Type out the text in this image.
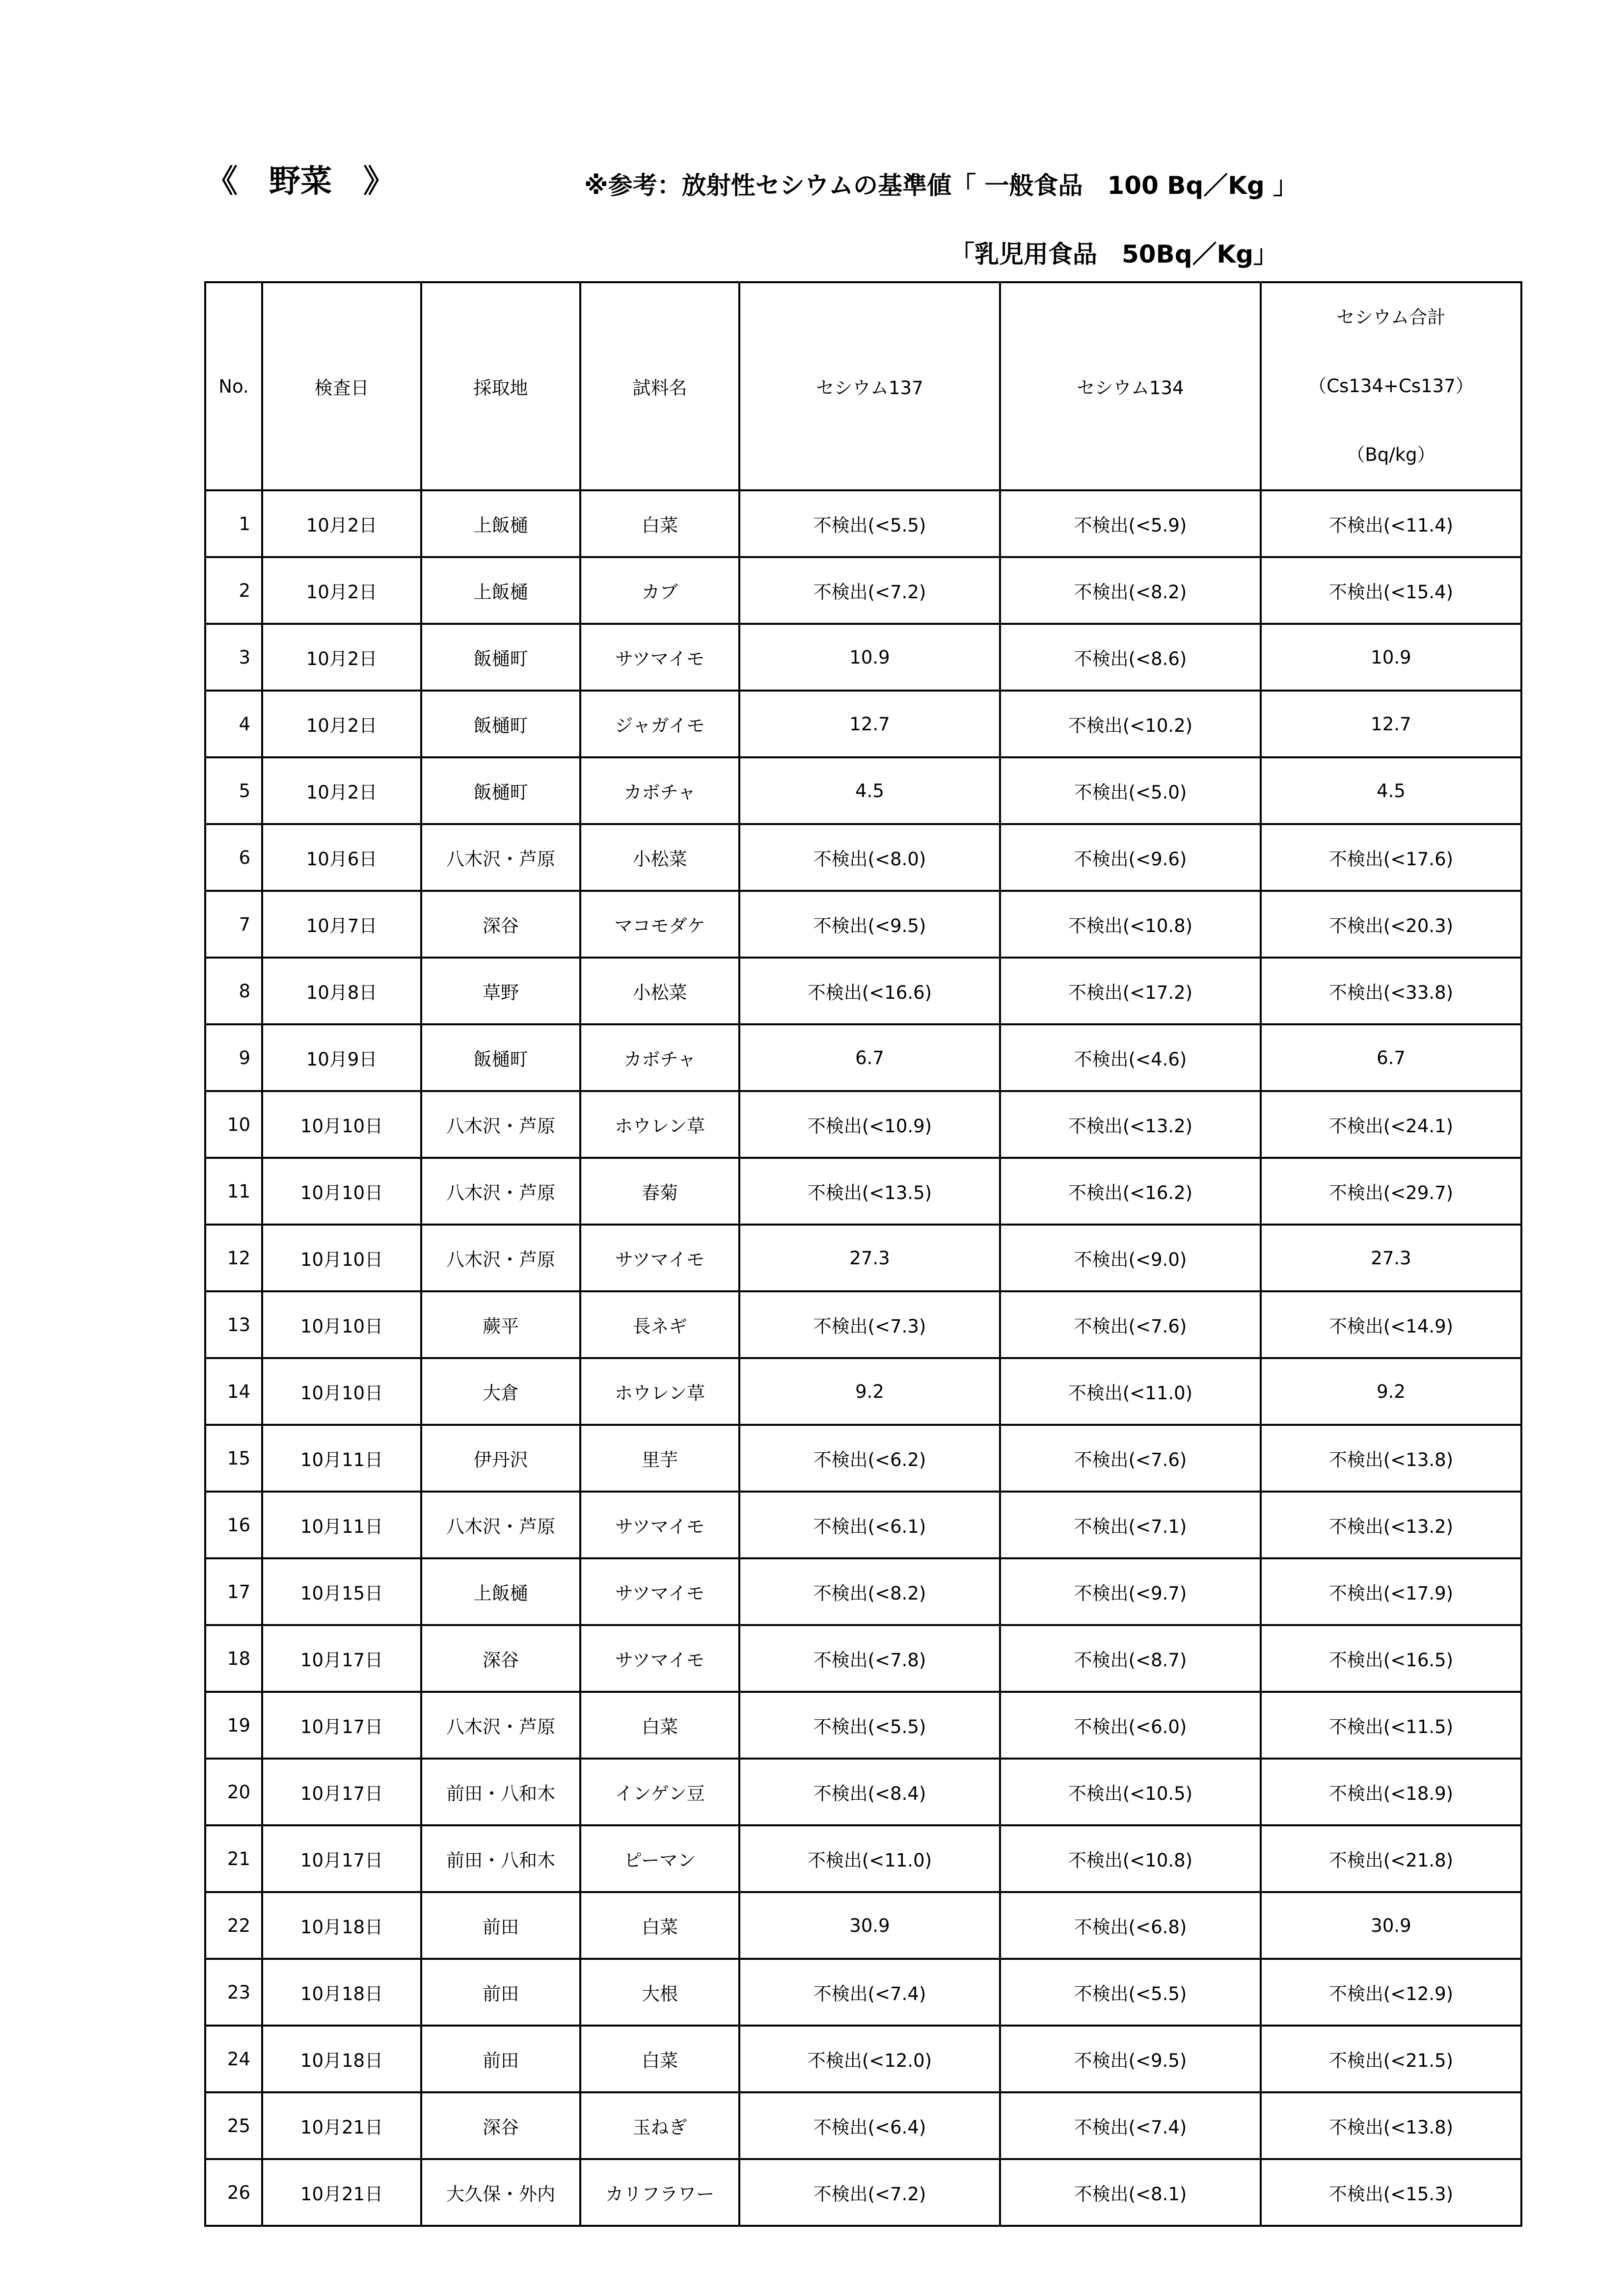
《　野菜　》	※参考：放射性セシウムの基準値「 一般食品　100 Bq／Kg 」
「乳児用食品　50Bq／Kg」
No.	検査日	採取地	試料名	セシウム137	セシウム134	セシウム合計
（Cs134+Cs137）
（Bq/kg）

1	10月2日	上飯樋	白菜	不検出(<5.5)	不検出(<5.9)	不検出(<11.4)
2	10月2日	上飯樋	カブ	不検出(<7.2)	不検出(<8.2)	不検出(<15.4)
3	10月2日	飯樋町	サツマイモ	10.9	不検出(<8.6)	10.9
4	10月2日	飯樋町	ジャガイモ	12.7	不検出(<10.2)	12.7
5	10月2日	飯樋町	カボチャ	4.5	不検出(<5.0)	4.5
6	10月6日	八木沢・芦原	小松菜	不検出(<8.0)	不検出(<9.6)	不検出(<17.6)
7	10月7日	深谷	マコモダケ	不検出(<9.5)	不検出(<10.8)	不検出(<20.3)
8	10月8日	草野	小松菜	不検出(<16.6)	不検出(<17.2)	不検出(<33.8)
9	10月9日	飯樋町	カボチャ	6.7	不検出(<4.6)	6.7
10	10月10日	八木沢・芦原	ホウレン草	不検出(<10.9)	不検出(<13.2)	不検出(<24.1)
11	10月10日	八木沢・芦原	春菊	不検出(<13.5)	不検出(<16.2)	不検出(<29.7)
12	10月10日	八木沢・芦原	サツマイモ	27.3	不検出(<9.0)	27.3
13	10月10日	蕨平	長ネギ	不検出(<7.3)	不検出(<7.6)	不検出(<14.9)
14	10月10日	大倉	ホウレン草	9.2	不検出(<11.0)	9.2
15	10月11日	伊丹沢	里芋	不検出(<6.2)	不検出(<7.6)	不検出(<13.8)
16	10月11日	八木沢・芦原	サツマイモ	不検出(<6.1)	不検出(<7.1)	不検出(<13.2)
17	10月15日	上飯樋	サツマイモ	不検出(<8.2)	不検出(<9.7)	不検出(<17.9)
18	10月17日	深谷	サツマイモ	不検出(<7.8)	不検出(<8.7)	不検出(<16.5)
19	10月17日	八木沢・芦原	白菜	不検出(<5.5)	不検出(<6.0)	不検出(<11.5)
20	10月17日	前田・八和木	インゲン豆	不検出(<8.4)	不検出(<10.5)	不検出(<18.9)
21	10月17日	前田・八和木	ピーマン	不検出(<11.0)	不検出(<10.8)	不検出(<21.8)
22	10月18日	前田	白菜	30.9	不検出(<6.8)	30.9
23	10月18日	前田	大根	不検出(<7.4)	不検出(<5.5)	不検出(<12.9)
24	10月18日	前田	白菜	不検出(<12.0)	不検出(<9.5)	不検出(<21.5)
25	10月21日	深谷	玉ねぎ	不検出(<6.4)	不検出(<7.4)	不検出(<13.8)
26	10月21日	大久保・外内	カリフラワー	不検出(<7.2)	不検出(<8.1)	不検出(<15.3)
